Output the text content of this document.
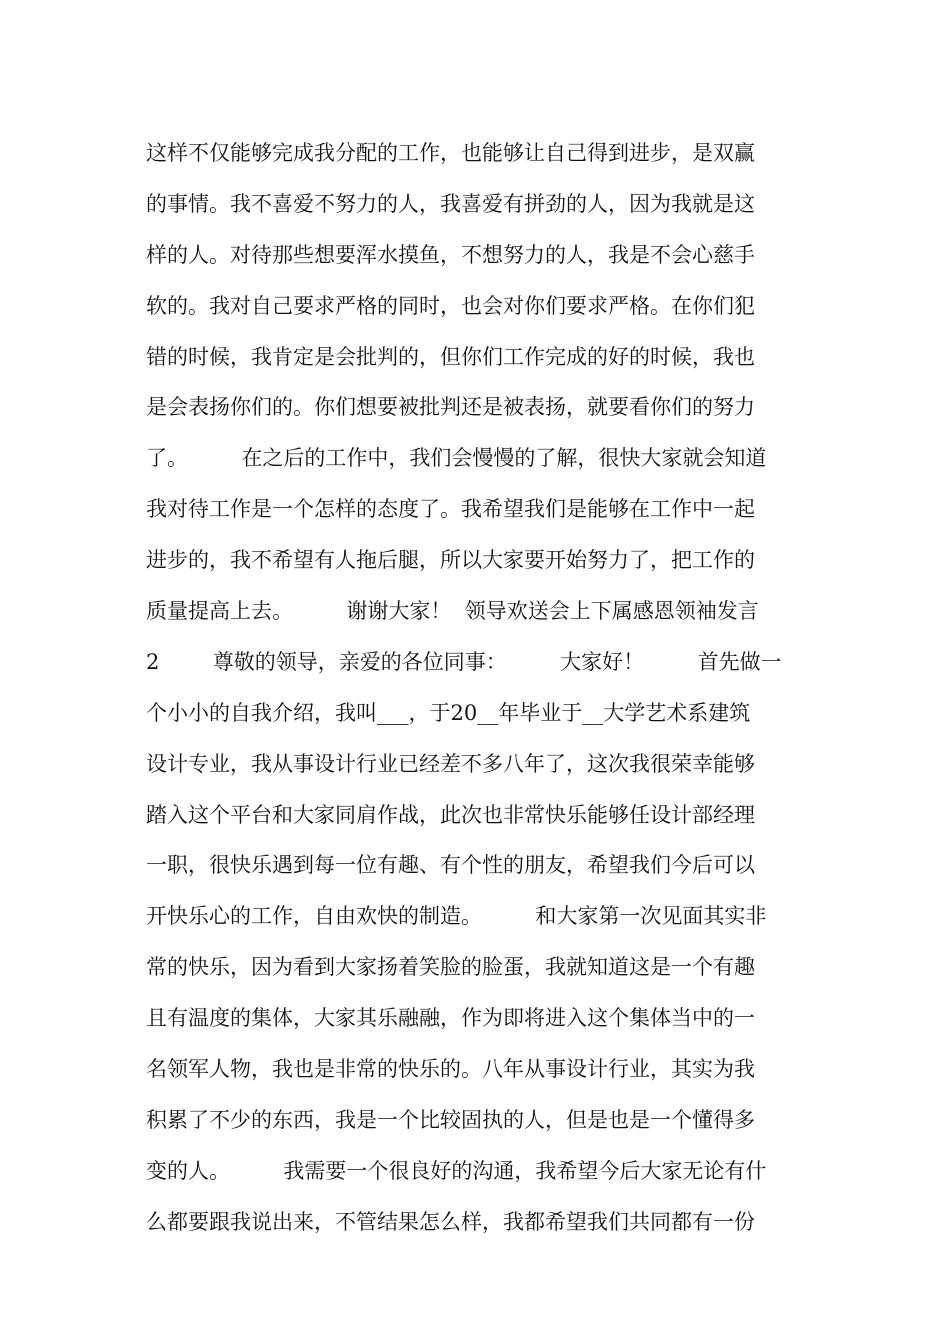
这样不仅能够完成我分配的工作，也能够让自己得到进步，是双赢
的事情。我不喜爱不努力的人，我喜爱有拼劲的人，因为我就是这
样的人。对待那些想要浑水摸鱼，不想努力的人，我是不会心慈手
软的。我对自己要求严格的同时，也会对你们要求严格。在你们犯
错的时候，我肯定是会批判的，但你们工作完成的好的时候，我也
是会表扬你们的。你们想要被批判还是被表扬，就要看你们的努力
了。        在之后的工作中，我们会慢慢的了解，很快大家就会知道
我对待工作是一个怎样的态度了。我希望我们是能够在工作中一起
进步的，我不希望有人拖后腿，所以大家要开始努力了，把工作的
质量提高上去。        谢谢大家！  领导欢送会上下属感恩领袖发言
2        尊敬的领导，亲爱的各位同事：        大家好！        首先做一
个小小的自我介绍，我叫___，于20__年毕业于__大学艺术系建筑
设计专业，我从事设计行业已经差不多八年了，这次我很荣幸能够
踏入这个平台和大家同肩作战，此次也非常快乐能够任设计部经理
一职，很快乐遇到每一位有趣、有个性的朋友，希望我们今后可以
开快乐心的工作，自由欢快的制造。        和大家第一次见面其实非
常的快乐，因为看到大家扬着笑脸的脸蛋，我就知道这是一个有趣
且有温度的集体，大家其乐融融，作为即将进入这个集体当中的一
名领军人物，我也是非常的快乐的。八年从事设计行业，其实为我
积累了不少的东西，我是一个比较固执的人，但是也是一个懂得多
变的人。        我需要一个很良好的沟通，我希望今后大家无论有什
么都要跟我说出来，不管结果怎么样，我都希望我们共同都有一份
